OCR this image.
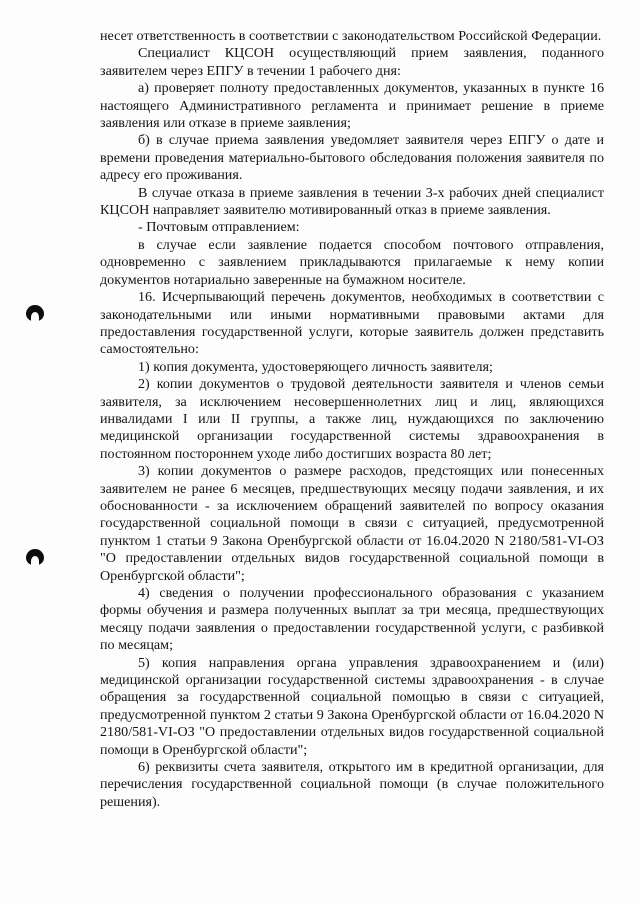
несет ответственность в соответствии с законодательством Российской Федерации.

Специалист КЦСОН осуществляющий прием заявления, поданного заявителем через ЕПГУ в течении 1 рабочего дня:

а) проверяет полноту предоставленных документов, указанных в пункте 16 настоящего Административного регламента и принимает решение в приеме заявления или отказе в приеме заявления;

б) в случае приема заявления уведомляет заявителя через ЕПГУ о дате и времени проведения материально-бытового обследования положения заявителя по адресу его проживания.

В случае отказа в приеме заявления в течении 3-х рабочих дней специалист КЦСОН направляет заявителю мотивированный отказ в приеме заявления.

- Почтовым отправлением:

в случае если заявление подается способом почтового отправления, одновременно с заявлением прикладываются прилагаемые к нему копии документов нотариально заверенные на бумажном носителе.

16. Исчерпывающий перечень документов, необходимых в соответствии с законодательными или иными нормативными правовыми актами для предоставления государственной услуги, которые заявитель должен представить самостоятельно:

1) копия документа, удостоверяющего личность заявителя;

2) копии документов о трудовой деятельности заявителя и членов семьи заявителя, за исключением несовершеннолетних лиц и лиц, являющихся инвалидами I или II группы, а также лиц, нуждающихся по заключению медицинской организации государственной системы здравоохранения в постоянном постороннем уходе либо достигших возраста 80 лет;

3) копии документов о размере расходов, предстоящих или понесенных заявителем не ранее 6 месяцев, предшествующих месяцу подачи заявления, и их обоснованности - за исключением обращений заявителей по вопросу оказания государственной социальной помощи в связи с ситуацией, предусмотренной пунктом 1 статьи 9 Закона Оренбургской области от 16.04.2020 N 2180/581-VI-ОЗ "О предоставлении отдельных видов государственной социальной помощи в Оренбургской области";

4) сведения о получении профессионального образования с указанием формы обучения и размера полученных выплат за три месяца, предшествующих месяцу подачи заявления о предоставлении государственной услуги, с разбивкой по месяцам;

5) копия направления органа управления здравоохранением и (или) медицинской организации государственной системы здравоохранения - в случае обращения за государственной социальной помощью в связи с ситуацией, предусмотренной пунктом 2 статьи 9 Закона Оренбургской области от 16.04.2020 N 2180/581-VI-ОЗ "О предоставлении отдельных видов государственной социальной помощи в Оренбургской области";

6) реквизиты счета заявителя, открытого им в кредитной организации, для перечисления государственной социальной помощи (в случае положительного решения).
